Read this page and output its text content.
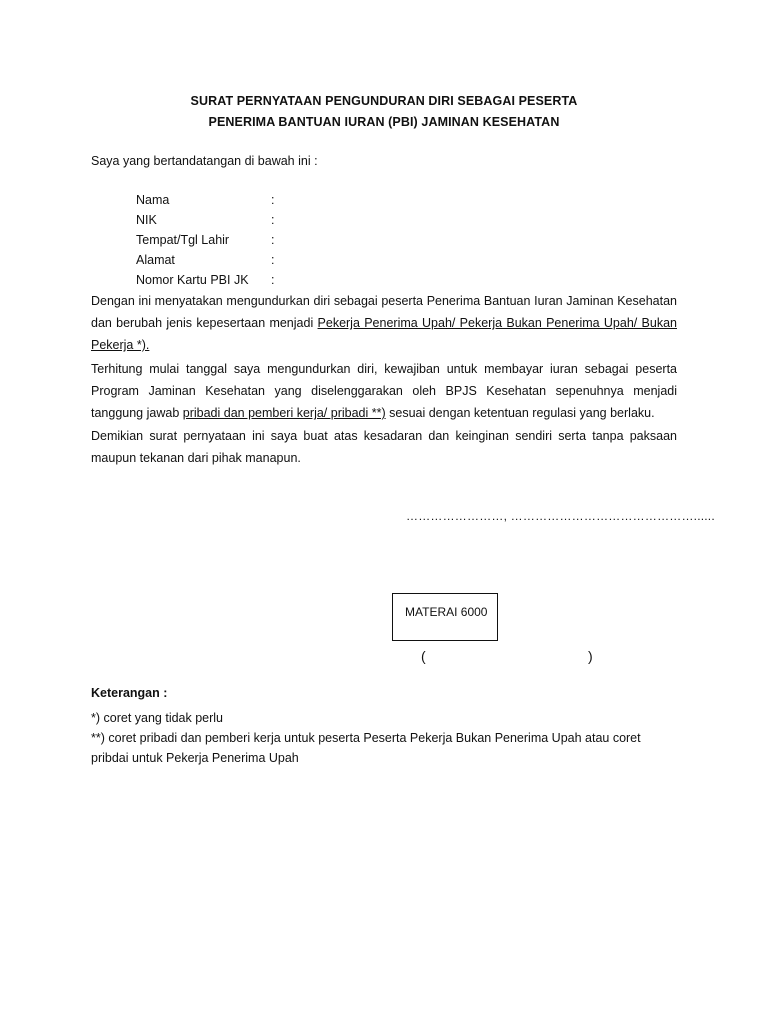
SURAT PERNYATAAN PENGUNDURAN DIRI SEBAGAI PESERTA
PENERIMA BANTUAN IURAN (PBI) JAMINAN KESEHATAN
Saya yang bertandatangan di bawah ini :
Nama	:
NIK	:
Tempat/Tgl Lahir	:
Alamat	:
Nomor Kartu PBI JK :
Dengan ini menyatakan mengundurkan diri sebagai peserta Penerima Bantuan Iuran Jaminan Kesehatan dan berubah jenis kepesertaan menjadi Pekerja Penerima Upah/ Pekerja Bukan Penerima Upah/ Bukan Pekerja *).
Terhitung mulai tanggal saya mengundurkan diri, kewajiban untuk membayar iuran sebagai peserta Program Jaminan Kesehatan yang diselenggarakan oleh BPJS Kesehatan sepenuhnya menjadi tanggung jawab pribadi dan pemberi kerja/ pribadi **) sesuai dengan ketentuan regulasi yang berlaku.
Demikian surat pernyataan ini saya buat atas kesadaran dan keinginan sendiri serta tanpa paksaan maupun tekanan dari pihak manapun.
……………………, ………………………………………......
MATERAI 6000
(	)
Keterangan :
*) coret yang tidak perlu
**) coret pribadi dan pemberi kerja untuk peserta Peserta Pekerja Bukan Penerima Upah atau coret pribdai untuk Pekerja Penerima Upah
